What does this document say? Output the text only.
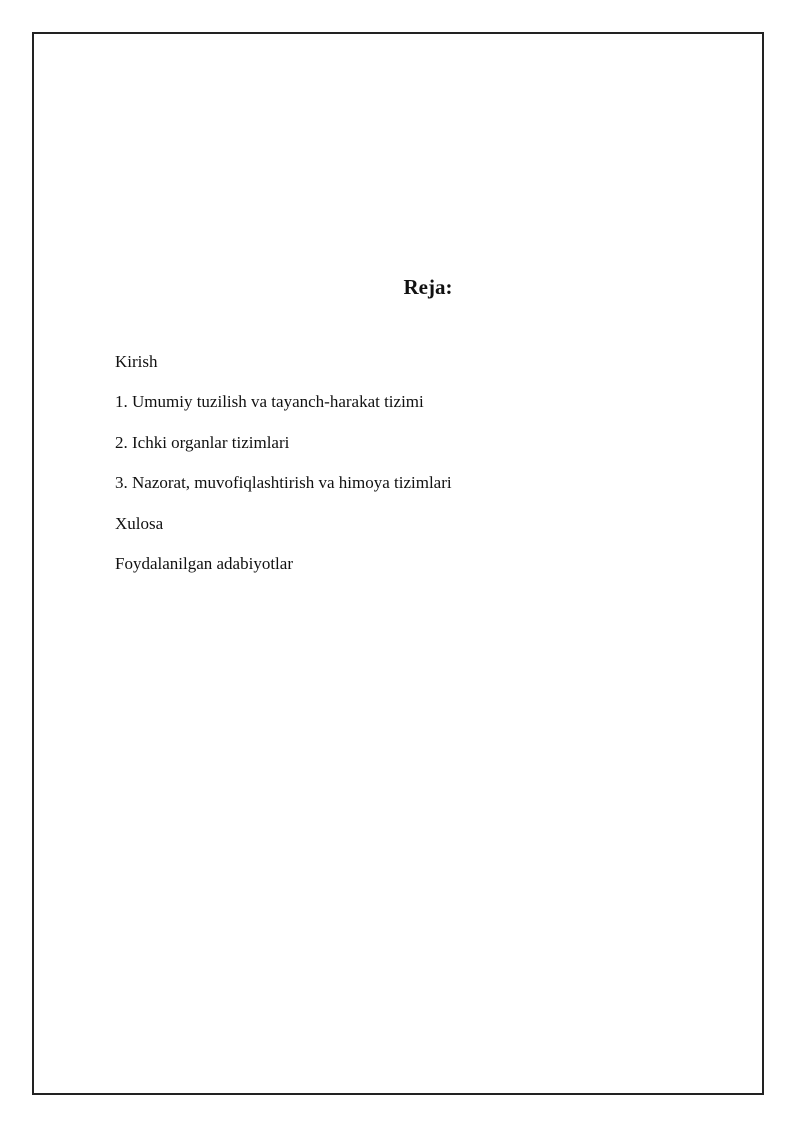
Reja:
Kirish
1. Umumiy tuzilish va tayanch-harakat tizimi
2. Ichki organlar tizimlari
3. Nazorat, muvofiqlashtirish va himoya tizimlari
Xulosa
Foydalanilgan adabiyotlar
